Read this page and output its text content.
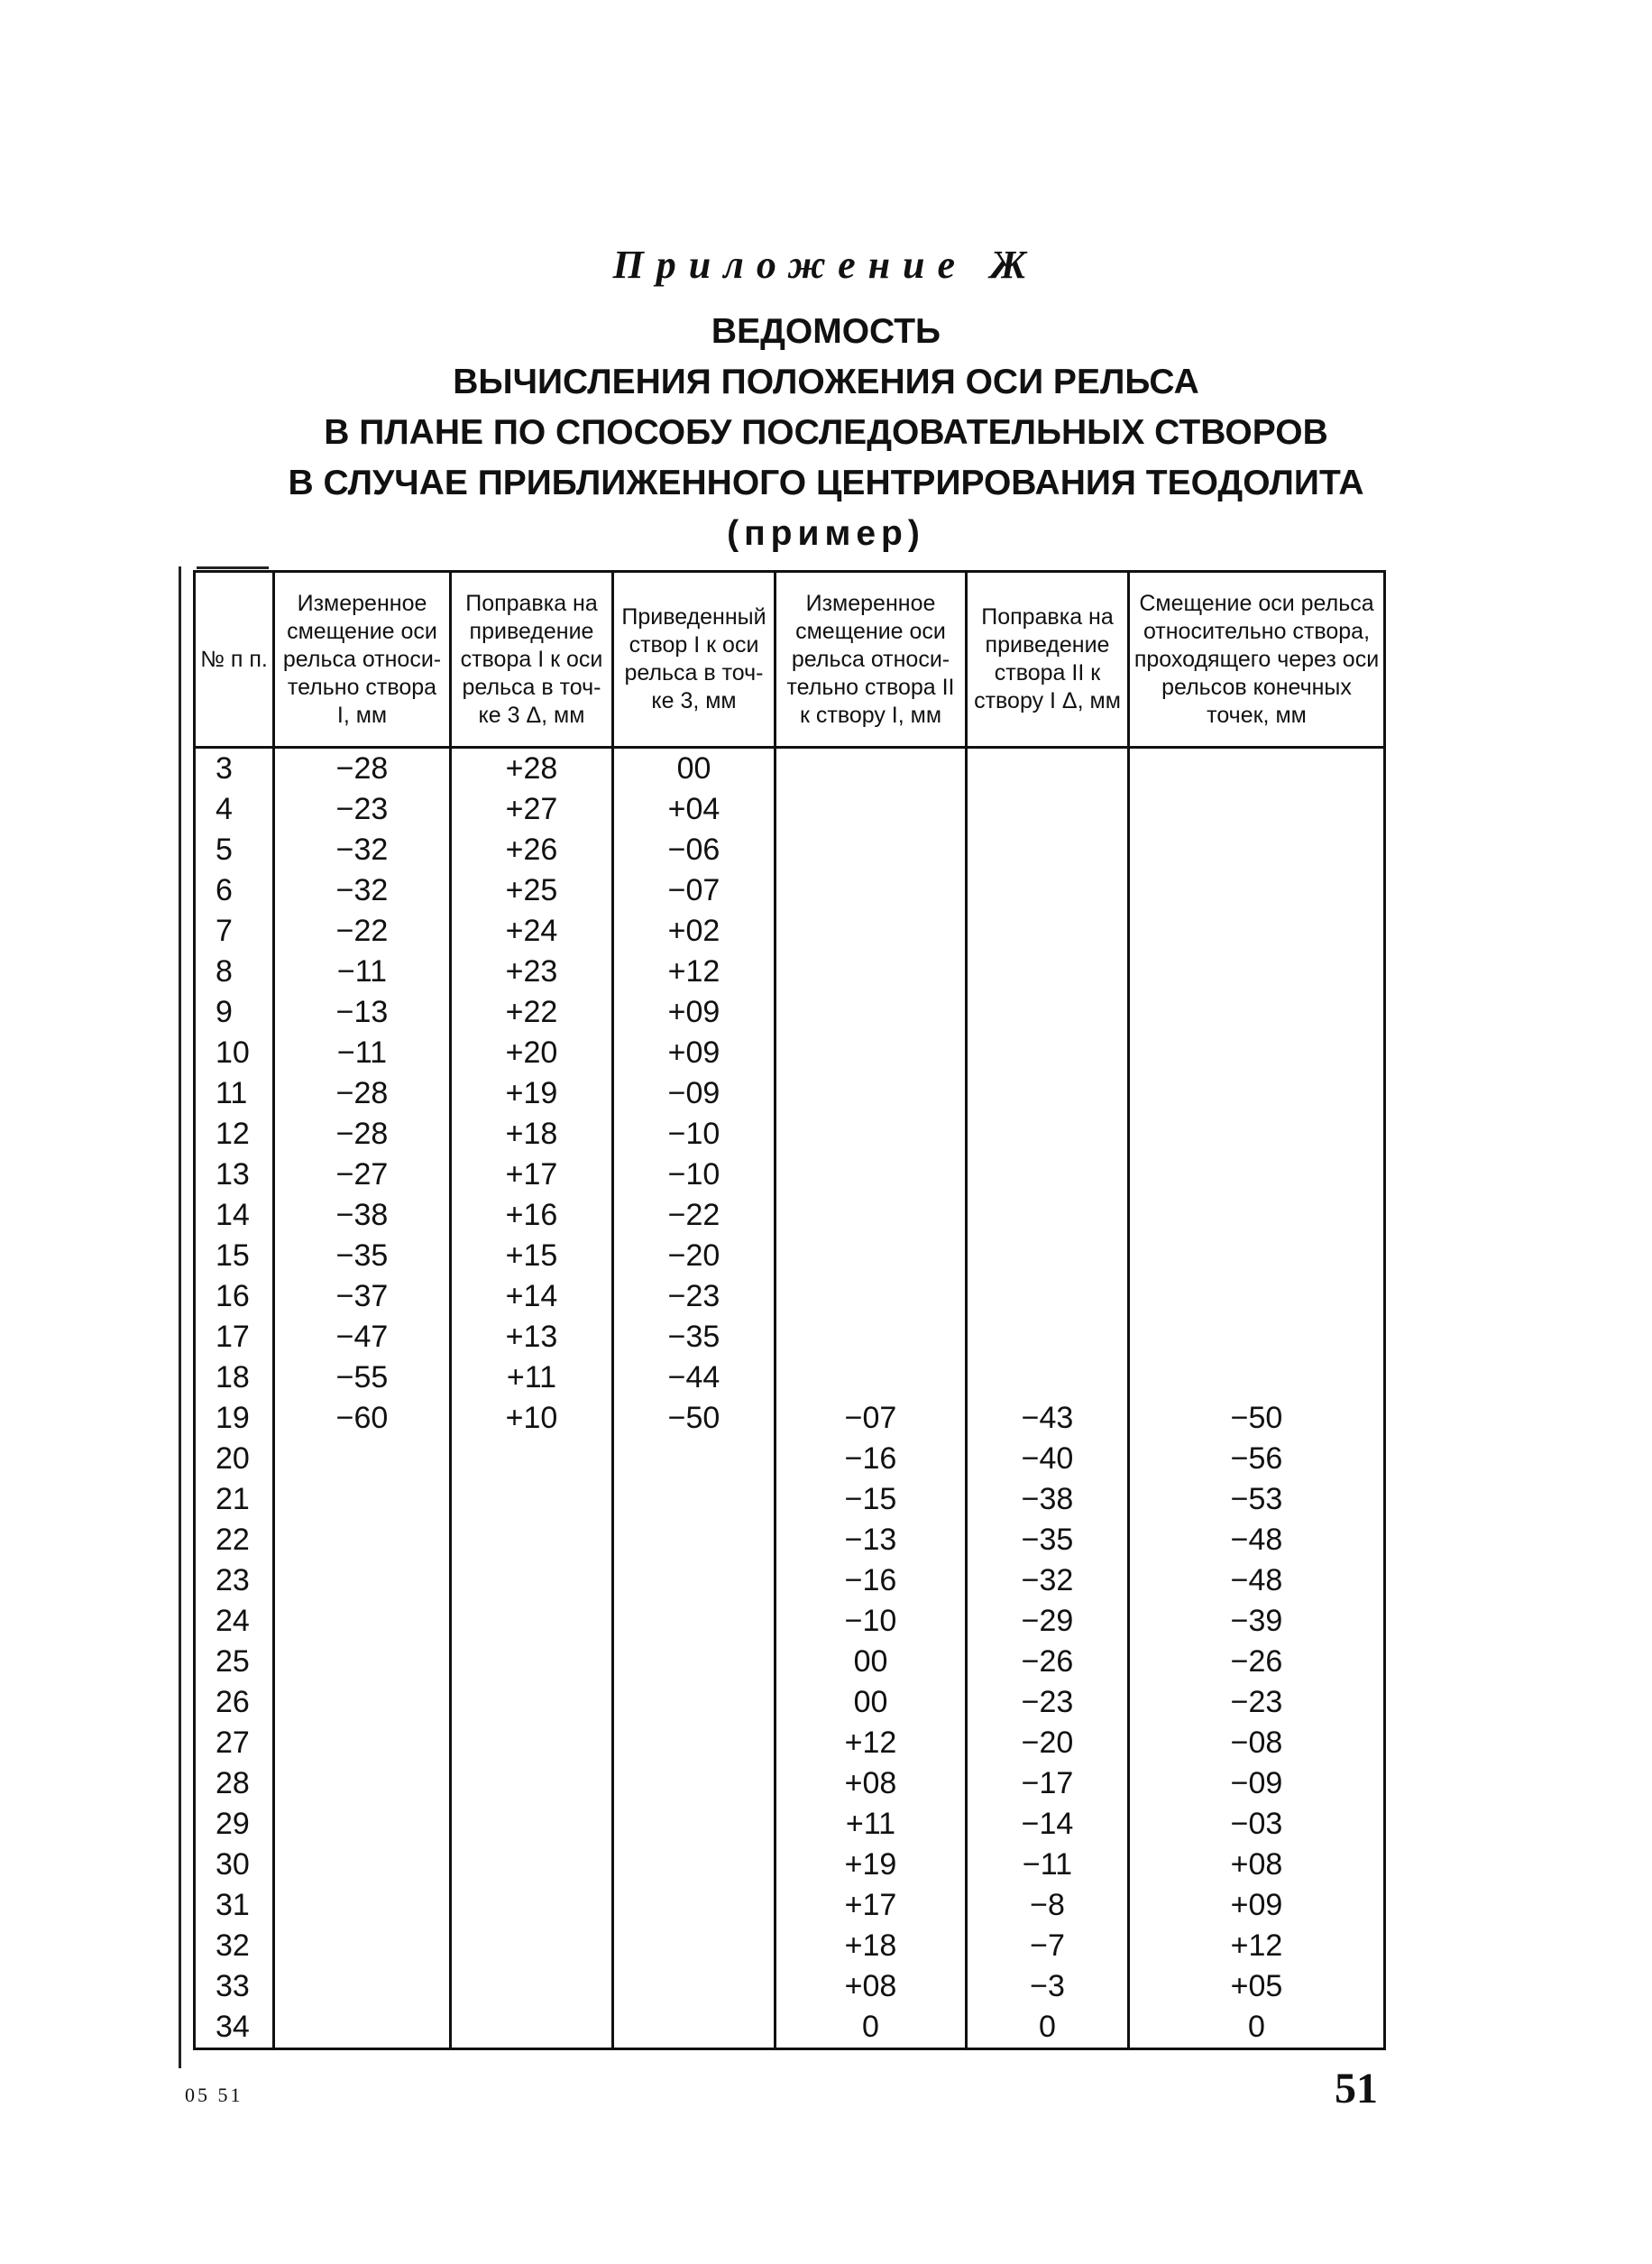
Приложение Ж
ВЕДОМОСТЬ
ВЫЧИСЛЕНИЯ ПОЛОЖЕНИЯ ОСИ РЕЛЬСА
В ПЛАНЕ ПО СПОСОБУ ПОСЛЕДОВАТЕЛЬНЫХ СТВОРОВ
В СЛУЧАЕ ПРИБЛИЖЕННОГО ЦЕНТРИРОВАНИЯ ТЕОДОЛИТА
(пример)
№ п п.	Измеренное смещение оси рельса относи- тельно створа I, мм	Поправка на приведение створа I к оси рельса в точ- ке 3 Δ, мм	Приведенный створ I к оси рельса в точ- ке 3, мм	Измеренное смещение оси рельса относи- тельно створа II к створу I, мм	Поправка на приведение створа II к створу I Δ, мм	Смещение оси рельса относительно створа, проходящего через оси рельсов конечных точек, мм
3	−28	+28	00			
4	−23	+27	+04			
5	−32	+26	−06			
6	−32	+25	−07			
7	−22	+24	+02			
8	−11	+23	+12			
9	−13	+22	+09			
10	−11	+20	+09			
11	−28	+19	−09			
12	−28	+18	−10			
13	−27	+17	−10			
14	−38	+16	−22			
15	−35	+15	−20			
16	−37	+14	−23			
17	−47	+13	−35			
18	−55	+11	−44			
19	−60	+10	−50	−07	−43	−50
20				−16	−40	−56
21				−15	−38	−53
22				−13	−35	−48
23				−16	−32	−48
24				−10	−29	−39
25				00	−26	−26
26				00	−23	−23
27				+12	−20	−08
28				+08	−17	−09
29				+11	−14	−03
30				+19	−11	+08
31				+17	−8	+09
32				+18	−7	+12
33				+08	−3	+05
34				0	0	0
05 51	51
